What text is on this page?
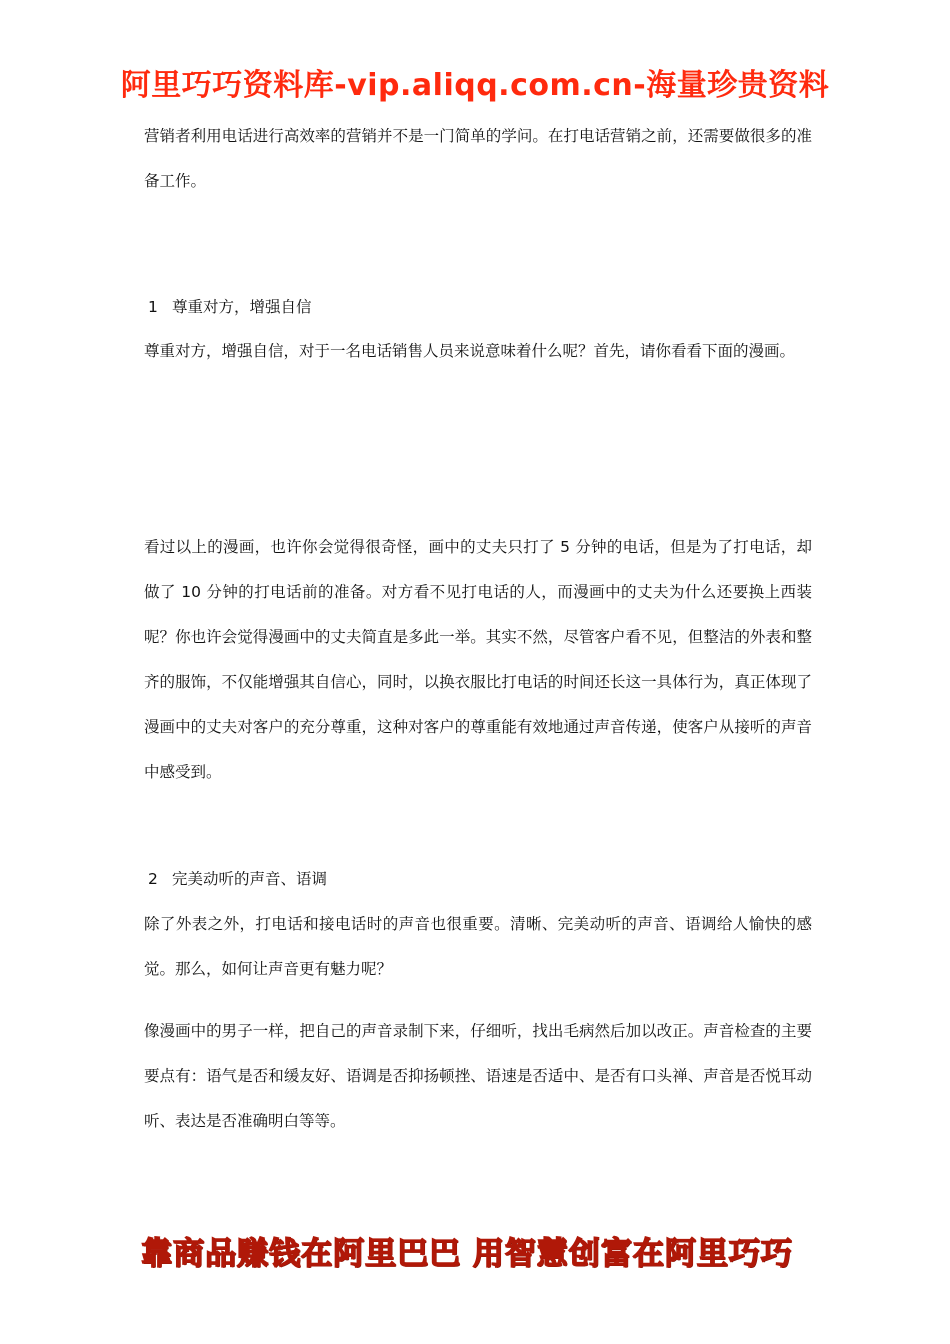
阿里巧巧资料库-vip.aliqq.com.cn-海量珍贵资料

营销者利用电话进行高效率的营销并不是一门简单的学问。在打电话营销之前，还需要做很多的准备工作。

1 尊重对方，增强自信

尊重对方，增强自信，对于一名电话销售人员来说意味着什么呢？首先，请你看看下面的漫画。

看过以上的漫画，也许你会觉得很奇怪，画中的丈夫只打了 5 分钟的电话，但是为了打电话，却做了 10 分钟的打电话前的准备。对方看不见打电话的人，而漫画中的丈夫为什么还要换上西装呢？你也许会觉得漫画中的丈夫简直是多此一举。其实不然，尽管客户看不见，但整洁的外表和整齐的服饰，不仅能增强其自信心，同时，以换衣服比打电话的时间还长这一具体行为，真正体现了漫画中的丈夫对客户的充分尊重，这种对客户的尊重能有效地通过声音传递，使客户从接听的声音中感受到。

2 完美动听的声音、语调

除了外表之外，打电话和接电话时的声音也很重要。清晰、完美动听的声音、语调给人愉快的感觉。那么，如何让声音更有魅力呢？

像漫画中的男子一样，把自己的声音录制下来，仔细听，找出毛病然后加以改正。声音检查的主要要点有：语气是否和缓友好、语调是否抑扬顿挫、语速是否适中、是否有口头禅、声音是否悦耳动听、表达是否准确明白等等。

靠商品赚钱在阿里巴巴 用智慧创富在阿里巧巧
